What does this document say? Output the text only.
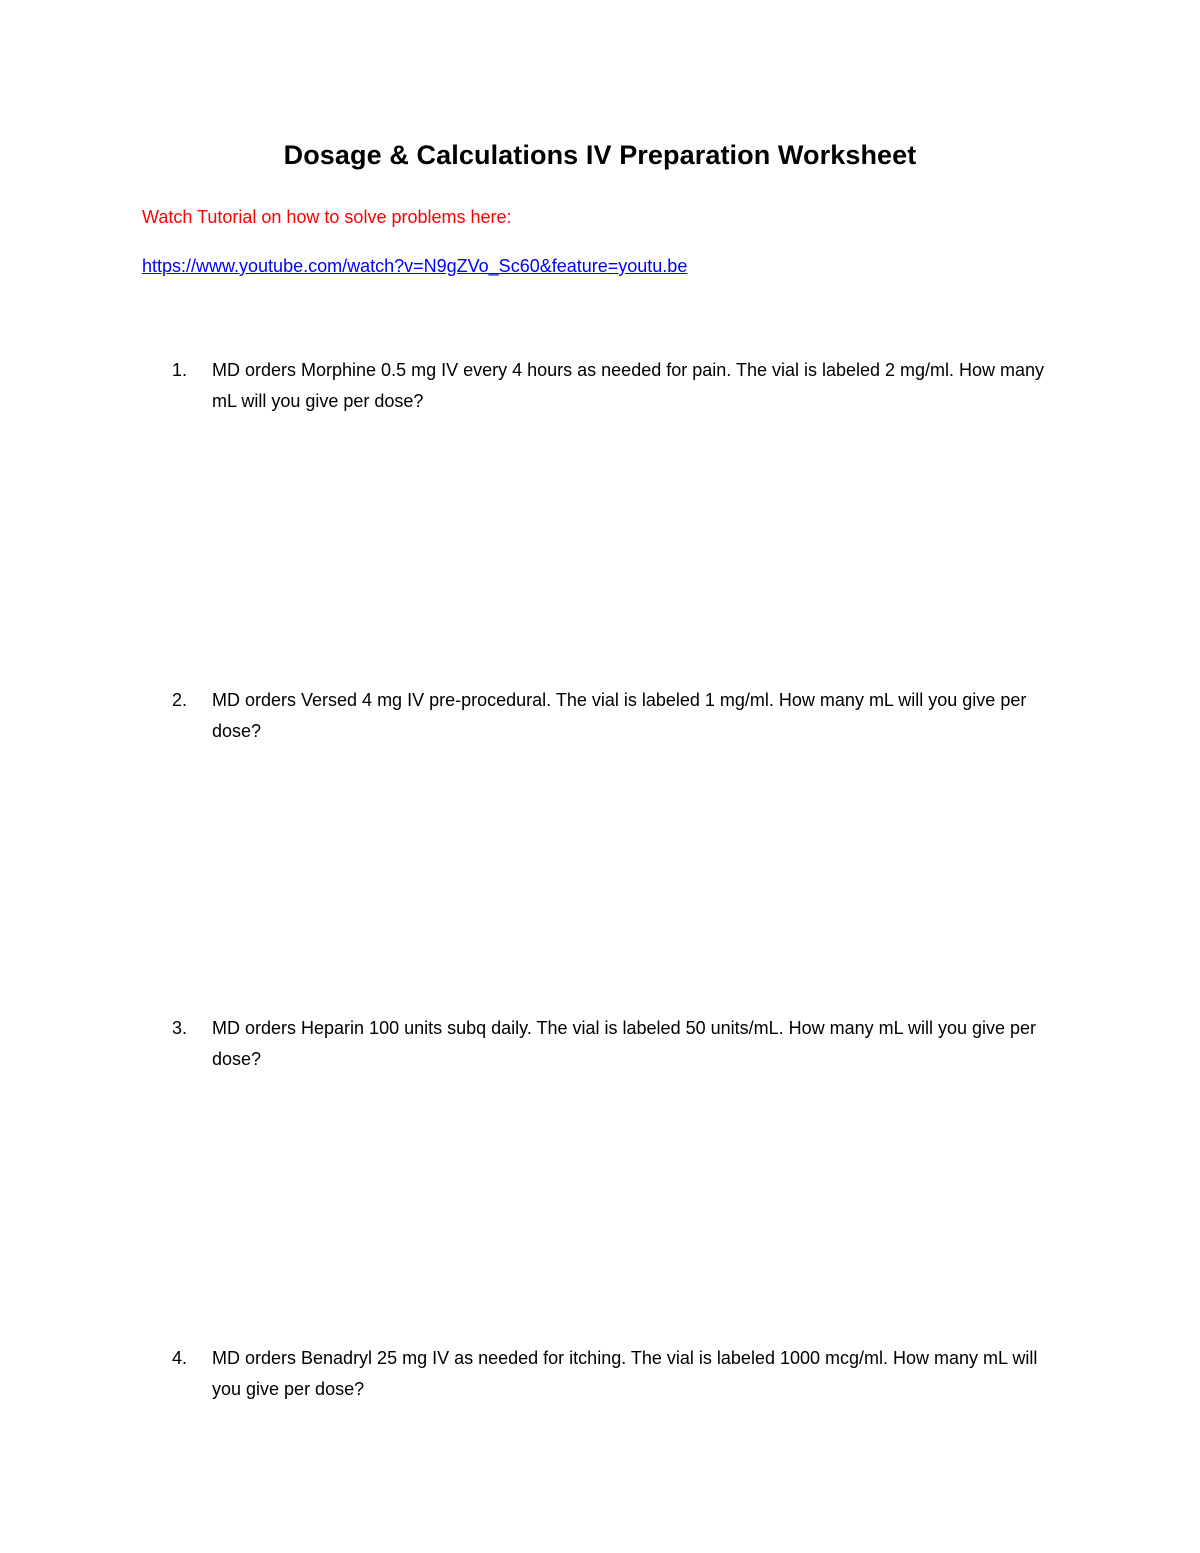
Dosage & Calculations IV Preparation Worksheet

Watch Tutorial on how to solve problems here:

https://www.youtube.com/watch?v=N9gZVo_Sc60&feature=youtu.be
1.	MD orders Morphine 0.5 mg IV every 4 hours as needed for pain. The vial is labeled 2 mg/ml. How many mL will you give per dose?
2.	MD orders Versed 4 mg IV pre-procedural. The vial is labeled 1 mg/ml. How many mL will you give per dose?
3.	MD orders Heparin 100 units subq daily. The vial is labeled 50 units/mL. How many mL will you give per dose?
4.	MD orders Benadryl 25 mg IV as needed for itching. The vial is labeled 1000 mcg/ml. How many mL will you give per dose?
